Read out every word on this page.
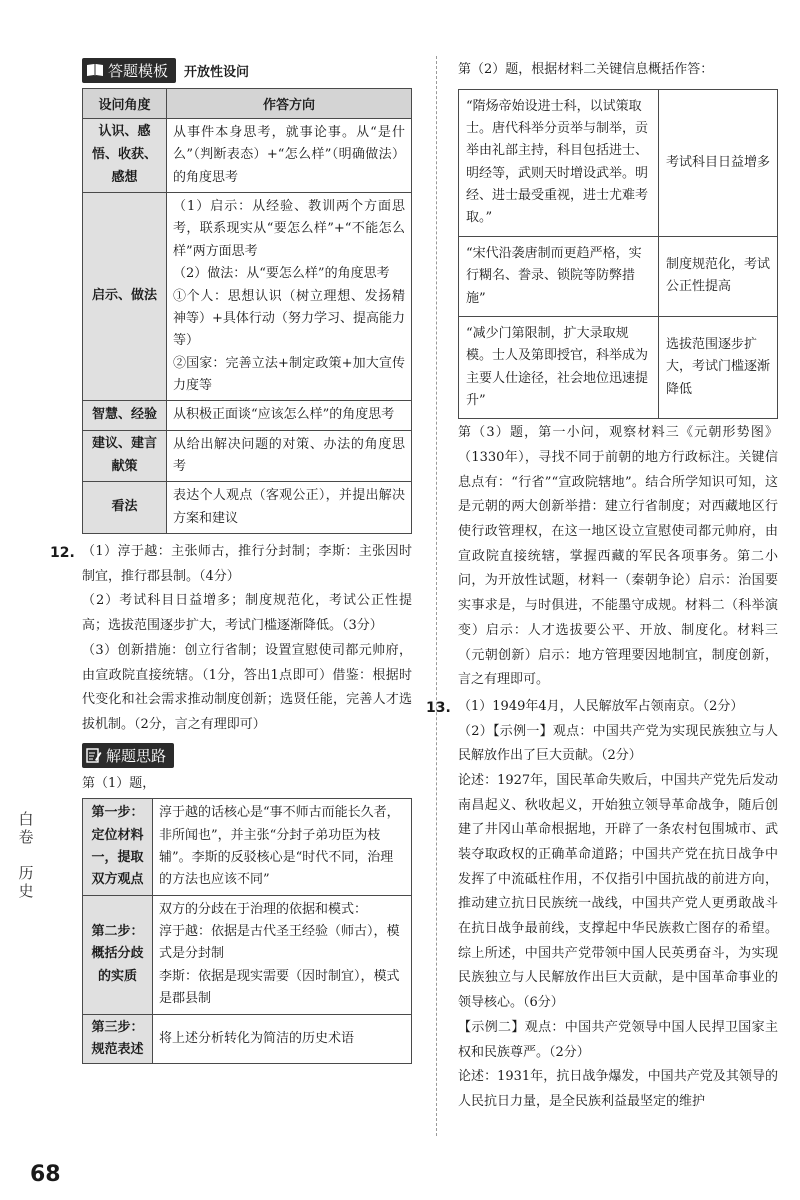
答题模板 开放性设问
设问角度	作答方向
认识、感悟、收获、感想	从事件本身思考，就事论事。从“是什么”（判断表态）+“怎么样”（明确做法）的角度思考

启示、做法	（1）启示：从经验、教训两个方面思考，联系现实从“要怎么样”+“不能怎么样”两方面思考
（2）做法：从“要怎么样”的角度思考
①个人：思想认识（树立理想、发扬精神等）+具体行动（努力学习、提高能力等）
②国家：完善立法+制定政策+加大宣传力度等

智慧、经验	从积极正面谈“应该怎么样”的角度思考

建议、建言献策	从给出解决问题的对策、办法的角度思考

看法	表达个人观点（客观公正），并提出解决方案和建议
12. （1）淳于越：主张师古，推行分封制；李斯：主张因时制宜，推行郡县制。（4分）
（2）考试科目日益增多；制度规范化，考试公正性提高；选拔范围逐步扩大，考试门槛逐渐降低。（3分）
（3）创新措施：创立行省制；设置宣慰使司都元帅府，由宣政院直接统辖。（1分，答出1点即可）借鉴：根据时代变化和社会需求推动制度创新；选贤任能，完善人才选拔机制。（2分，言之有理即可）
解题思路
第（1）题，
第一步：定位材料一，提取双方观点	淳于越的话核心是“事不师古而能长久者，非所闻也”，并主张“分封子弟功臣为枝辅”。李斯的反驳核心是“时代不同，治理的方法也应该不同”

第二步：概括分歧的实质	双方的分歧在于治理的依据和模式：
淳于越：依据是古代圣王经验（师古），模式是分封制
李斯：依据是现实需要（因时制宜），模式是郡县制

第三步：规范表述	将上述分析转化为简洁的历史术语
第（2）题，根据材料二关键信息概括作答：
“隋炀帝始设进士科，以试策取士。唐代科举分贡举与制举，贡举由礼部主持，科目包括进士、明经等，武则天时增设武举。明经、进士最受重视，进士尤难考取。”	考试科目日益增多
“宋代沿袭唐制而更趋严格，实行糊名、誊录、锁院等防弊措施”	制度规范化，考试公正性提高
“减少门第限制，扩大录取规模。士人及第即授官，科举成为主要人仕途径，社会地位迅速提升”	选拔范围逐步扩大，考试门槛逐渐降低
第（3）题，第一小问，观察材料三《元朝形势图》（1330年），寻找不同于前朝的地方行政标注。关键信息点有：“行省”“宣政院辖地”。结合所学知识可知，这是元朝的两大创新举措：建立行省制度；对西藏地区行使行政管理权，在这一地区设立宣慰使司都元帅府，由宣政院直接统辖，掌握西藏的军民各项事务。第二小问，为开放性试题，材料一（秦朝争论）启示：治国要实事求是，与时俱进，不能墨守成规。材料二（科举演变）启示：人才选拔要公平、开放、制度化。材料三（元朝创新）启示：地方管理要因地制宜，制度创新，言之有理即可。
13. （1）1949年4月，人民解放军占领南京。（2分）
（2）【示例一】观点：中国共产党为实现民族独立与人民解放作出了巨大贡献。（2分）
论述：1927年，国民革命失败后，中国共产党先后发动南昌起义、秋收起义，开始独立领导革命战争，随后创建了井冈山革命根据地，开辟了一条农村包围城市、武装夺取政权的正确革命道路；中国共产党在抗日战争中发挥了中流砥柱作用，不仅指引中国抗战的前进方向，推动建立抗日民族统一战线，中国共产党人更勇敢战斗在抗日战争最前线，支撑起中华民族救亡图存的希望。综上所述，中国共产党带领中国人民英勇奋斗，为实现民族独立与人民解放作出巨大贡献，是中国革命事业的领导核心。（6分）
【示例二】观点：中国共产党领导中国人民捍卫国家主权和民族尊严。（2分）
论述：1931年，抗日战争爆发，中国共产党及其领导的人民抗日力量，是全民族利益最坚定的维护
白卷
历史
68
